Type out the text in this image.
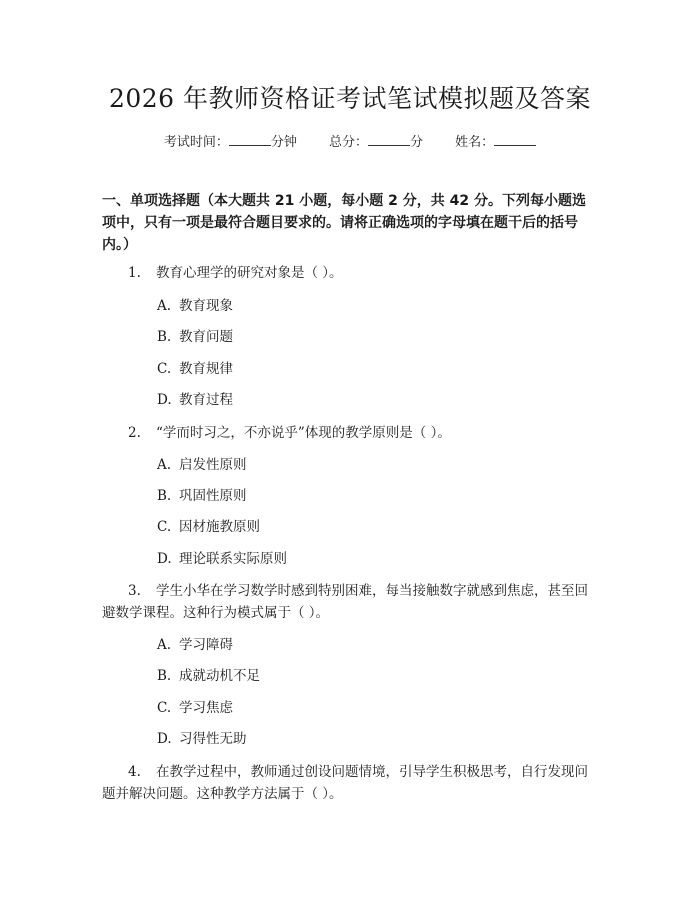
2026 年教师资格证考试笔试模拟题及答案
考试时间：	分钟 总分：	分 姓名：
一、单项选择题（本大题共 21 小题，每小题 2 分，共 42 分。下列每小题选项中，只有一项是最符合题目要求的。请将正确选项的字母填在题干后的括号内。）
1. 教育心理学的研究对象是（ ）。
A. 教育现象
B. 教育问题
C. 教育规律
D. 教育过程
2. “学而时习之，不亦说乎”体现的教学原则是（ ）。
A. 启发性原则
B. 巩固性原则
C. 因材施教原则
D. 理论联系实际原则
3. 学生小华在学习数学时感到特别困难，每当接触数字就感到焦虑，甚至回
避数学课程。这种行为模式属于（ ）。
A. 学习障碍
B. 成就动机不足
C. 学习焦虑
D. 习得性无助
4. 在教学过程中，教师通过创设问题情境，引导学生积极思考，自行发现问
题并解决问题。这种教学方法属于（ ）。
